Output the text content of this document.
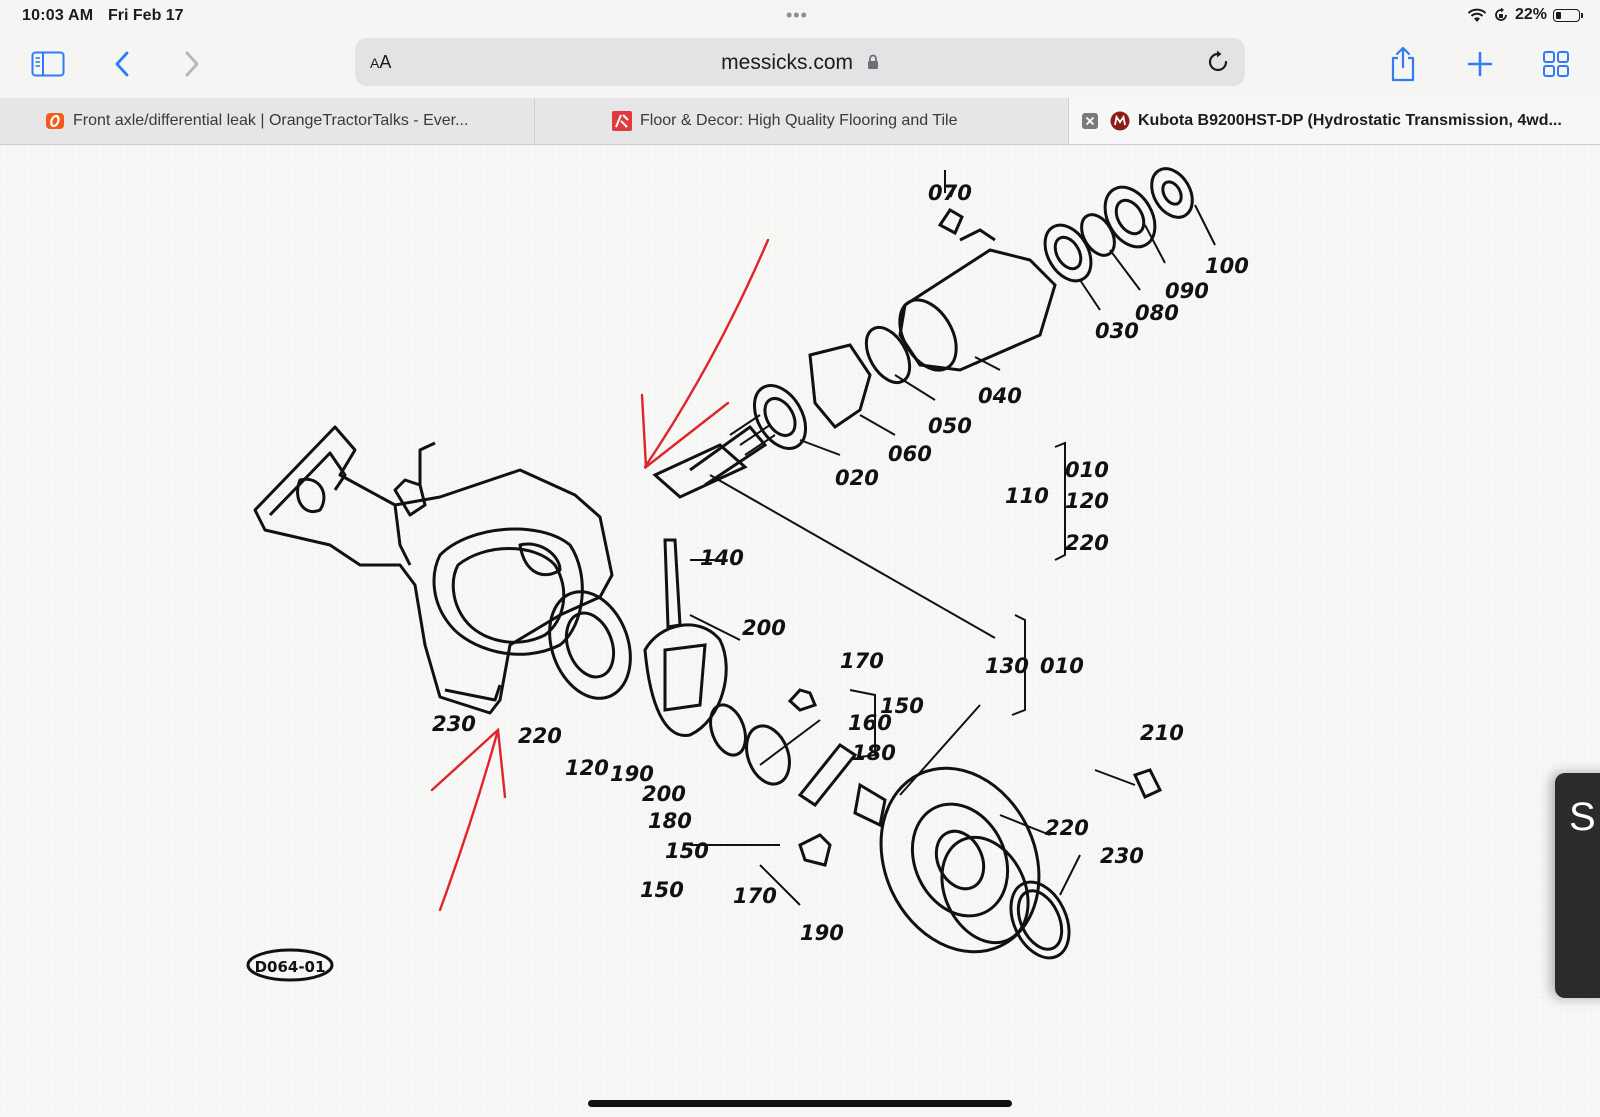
10:03 AM Fri Feb 17	•••	22%
AA	messicks.com
Front axle/differential leak | OrangeTractorTalks - Ever...	Floor & Decor: High Quality Flooring and Tile	Kubota B9200HST-DP (Hydrostatic Transmission, 4wd...
D064-01
070
100
090
080
030
040
050
060
020
110
010
120
220
140
200
170
150
160
180
130 010
210
230 220
120 190
200
180
150
150 170
190
220
230
S
